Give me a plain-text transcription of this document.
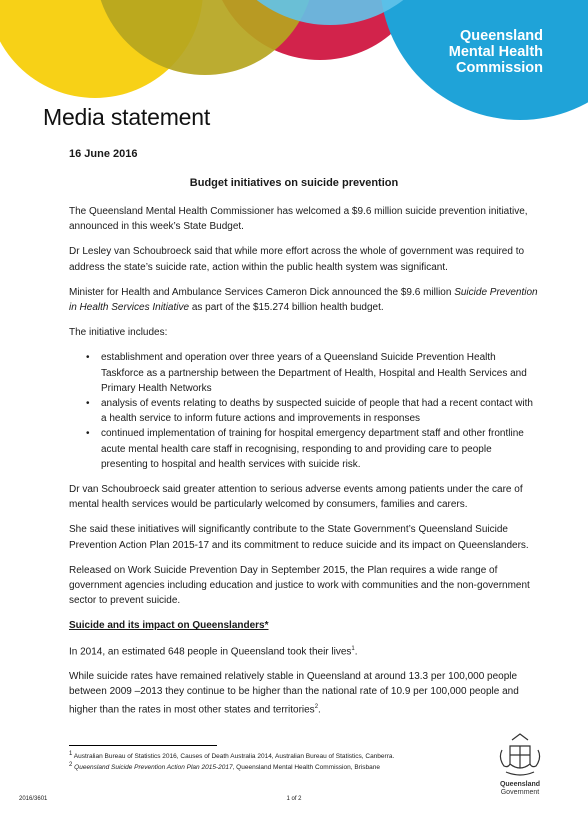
Queensland
Mental Health
Commission
Media statement
16 June 2016
Budget initiatives on suicide prevention

The Queensland Mental Health Commissioner has welcomed a $9.6 million suicide prevention initiative, announced in this week’s State Budget.

Dr Lesley van Schoubroeck said that while more effort across the whole of government was required to address the state’s suicide rate, action within the public health system was significant.

Minister for Health and Ambulance Services Cameron Dick announced the $9.6 million Suicide Prevention in Health Services Initiative as part of the $15.274 billion health budget.

The initiative includes:

• establishment and operation over three years of a Queensland Suicide Prevention Health Taskforce as a partnership between the Department of Health, Hospital and Health Services and Primary Health Networks
• analysis of events relating to deaths by suspected suicide of people that had a recent contact with a health service to inform future actions and improvements in responses
• continued implementation of training for hospital emergency department staff and other frontline acute mental health care staff in recognising, responding to and providing care to people presenting to hospital and health services with suicide risk.

Dr van Schoubroeck said greater attention to serious adverse events among patients under the care of mental health services would be particularly welcomed by consumers, families and carers.

She said these initiatives will significantly contribute to the State Government’s Queensland Suicide Prevention Action Plan 2015-17 and its commitment to reduce suicide and its impact on Queenslanders.

Released on Work Suicide Prevention Day in September 2015, the Plan requires a wide range of government agencies including education and justice to work with communities and the non-government sector to prevent suicide.

Suicide and its impact on Queenslanders*

In 2014, an estimated 648 people in Queensland took their lives$^1$.

While suicide rates have remained relatively stable in Queensland at around 13.3 per 100,000 people between 2009 –2013 they continue to be higher than the national rate of 10.9 per 100,000 people and higher than the rates in most other states and territories$^2$.

$^1$ Australian Bureau of Statistics 2016, Causes of Death Australia 2014, Australian Bureau of Statistics, Canberra.
$^2$ Queensland Suicide Prevention Action Plan 2015-2017, Queensland Mental Health Commission, Brisbane
2016/3601	1 of 2
Queensland
Government
